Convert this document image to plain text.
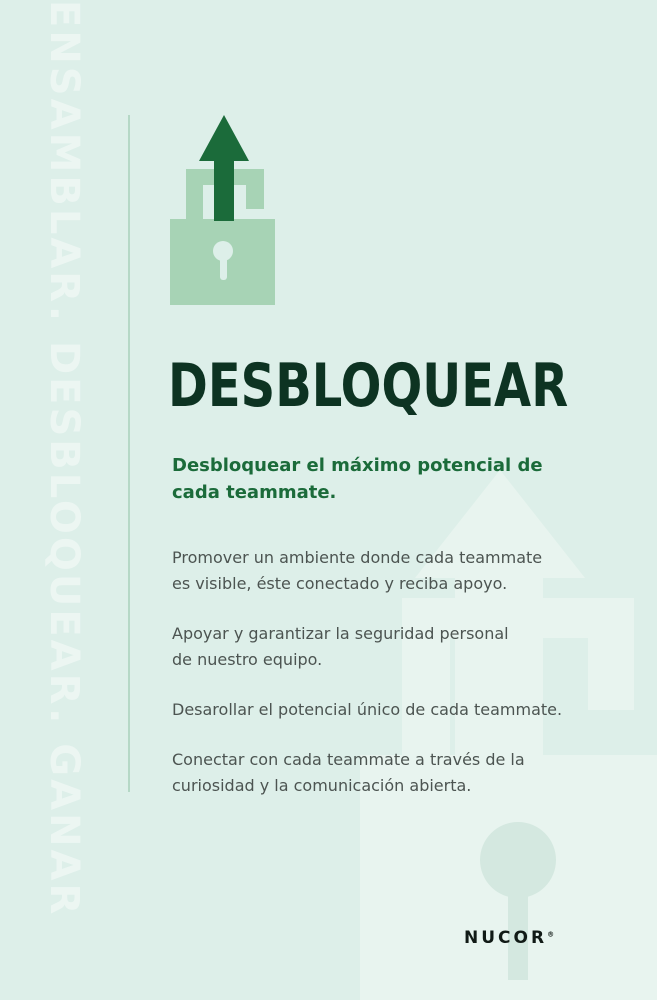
ENSAMBLAR. DESBLOQUEAR. GANAR DESBLOQUEAR

Desbloquear el máximo potencial de
cada teammate.

Promover un ambiente donde cada teammate
es visible, éste conectado y reciba apoyo.

Apoyar y garantizar la seguridad personal
de nuestro equipo.

Desarollar el potencial único de cada teammate.

Conectar con cada teammate a través de la
curiosidad y la comunicación abierta.

NUCOR®
